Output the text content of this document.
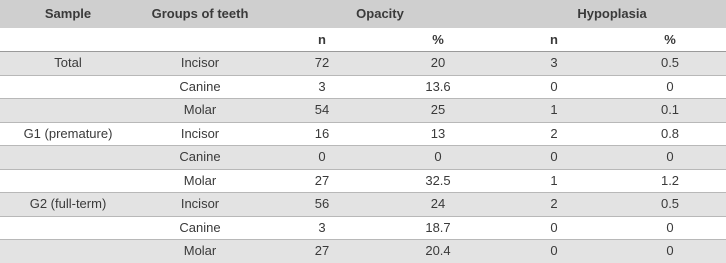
Sample	Groups of teeth	Opacity		Hypoplasia	
		n	%	n	%
Total	Incisor	72	20	3	0.5
	Canine	3	13.6	0	0
	Molar	54	25	1	0.1
G1 (premature)	Incisor	16	13	2	0.8
	Canine	0	0	0	0
	Molar	27	32.5	1	1.2
G2 (full-term)	Incisor	56	24	2	0.5
	Canine	3	18.7	0	0
	Molar	27	20.4	0	0
